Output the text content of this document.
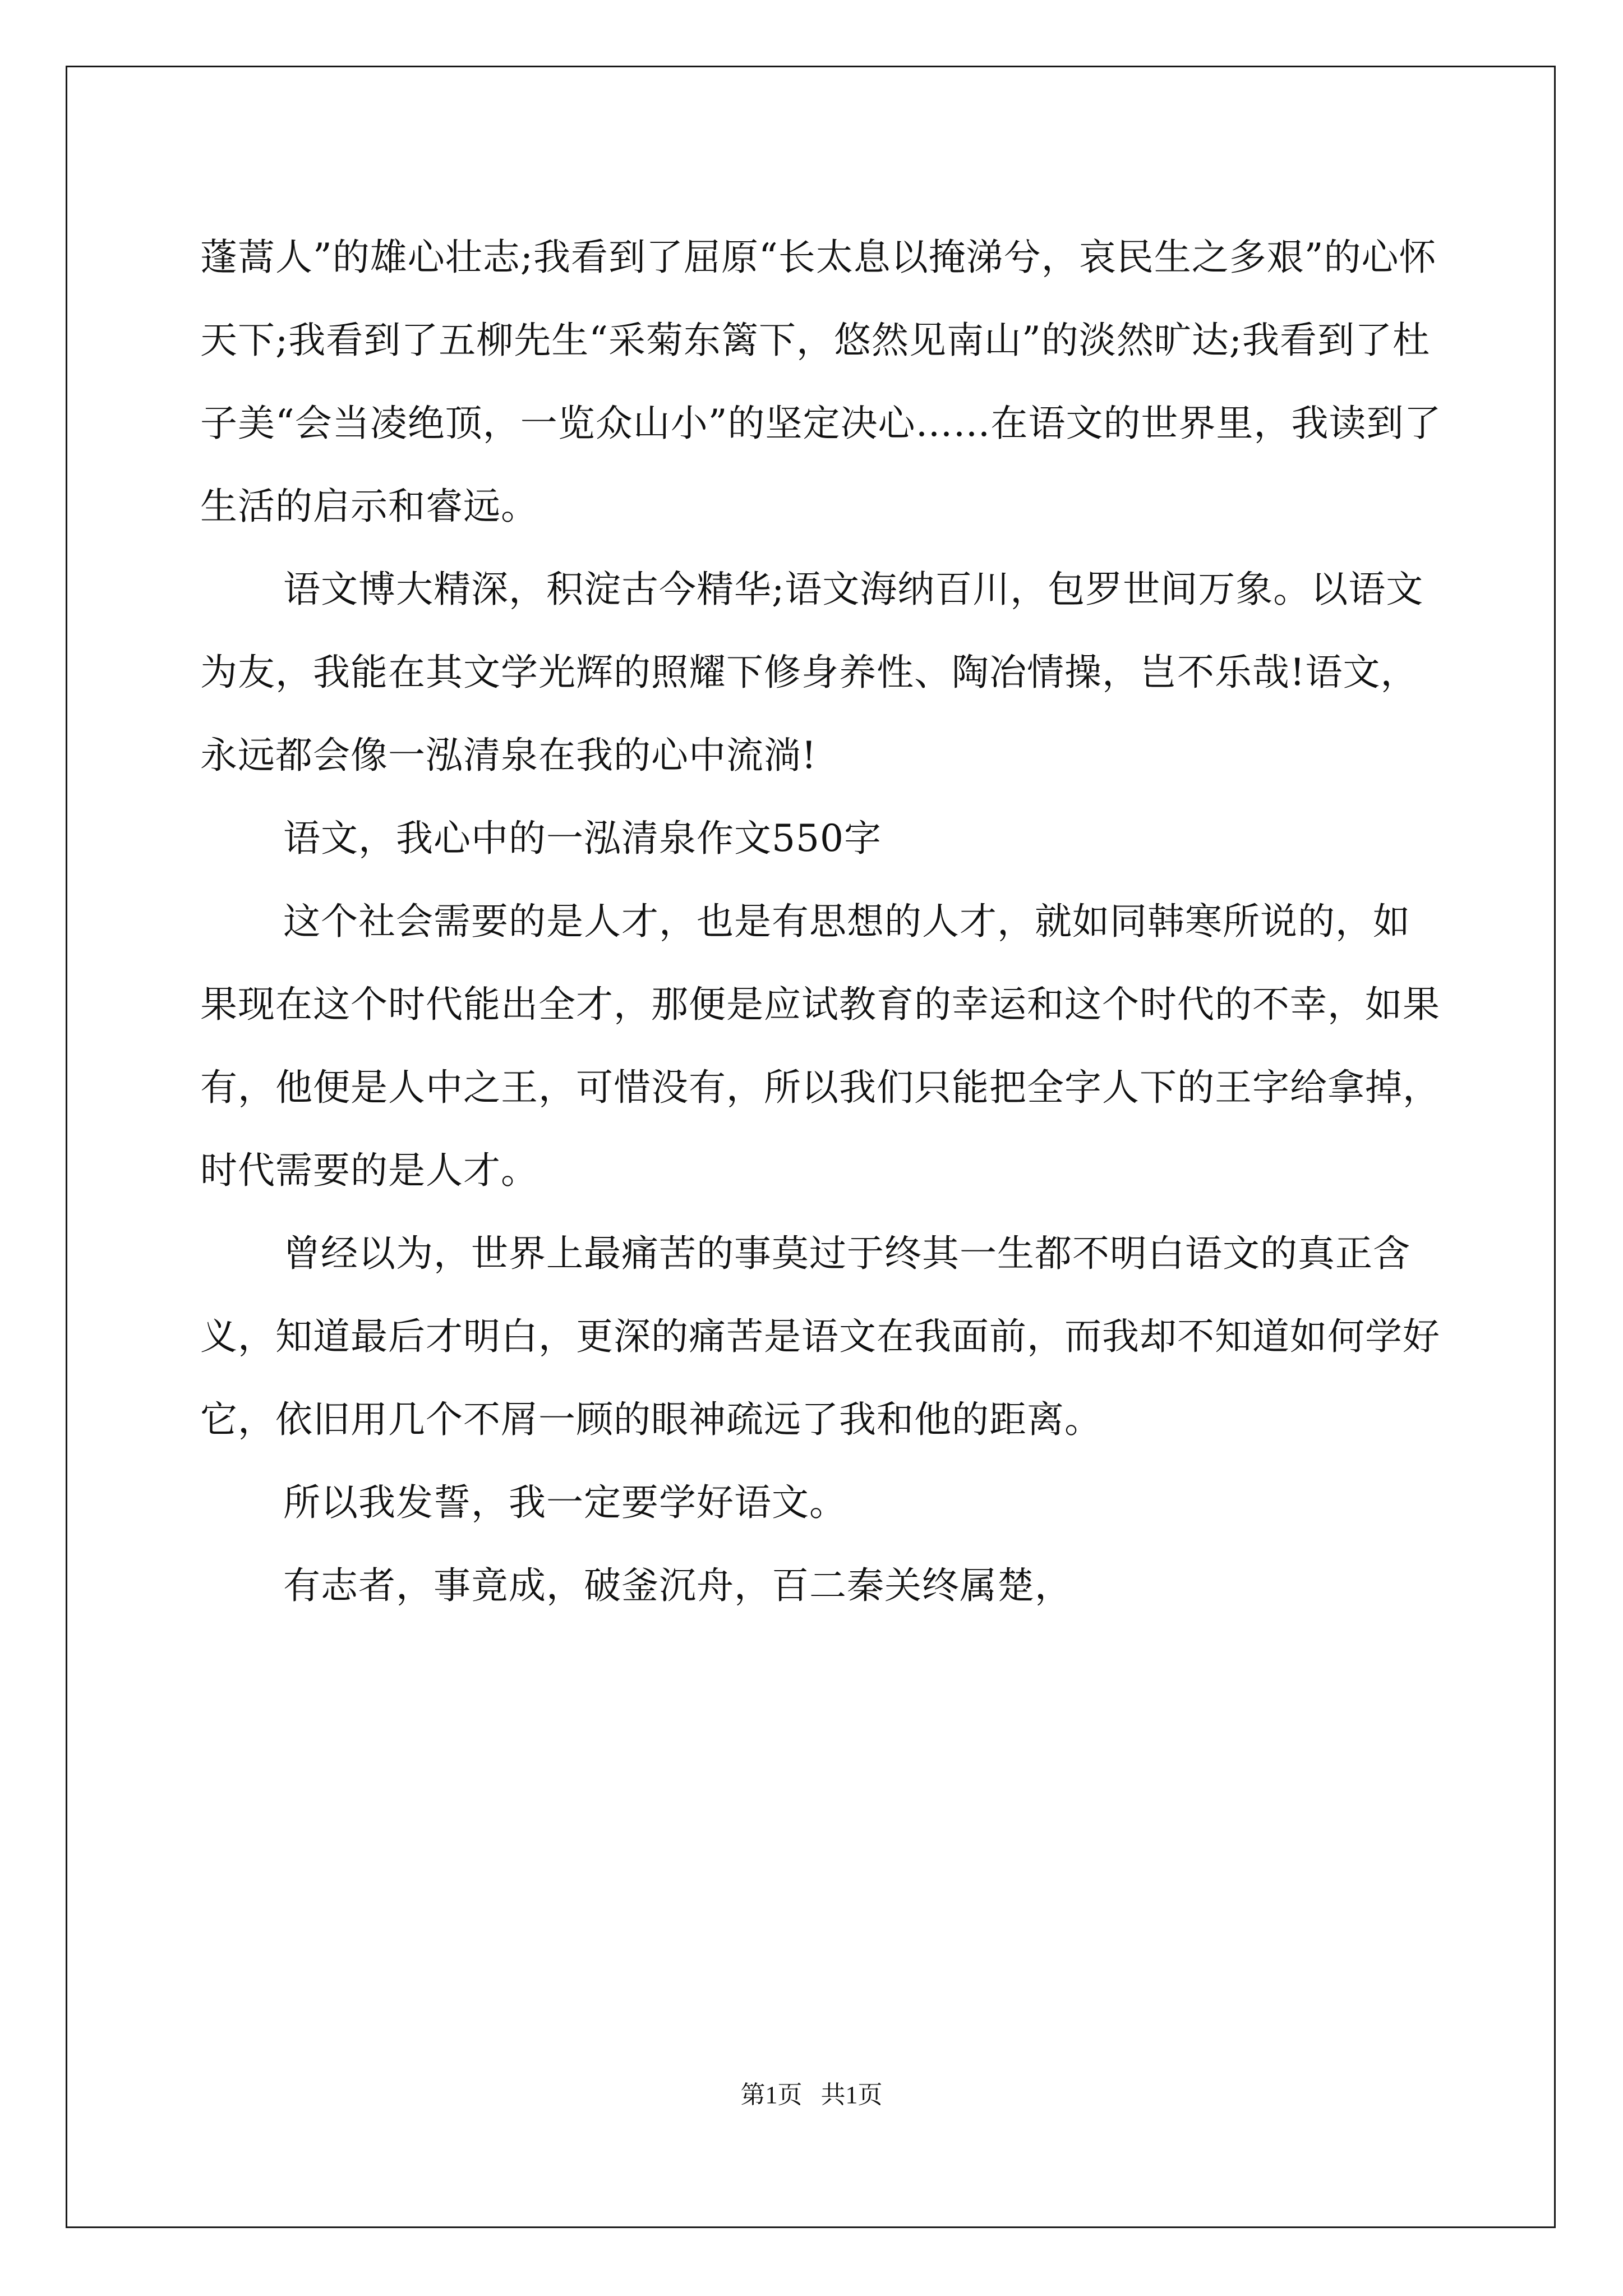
蓬蒿人”的雄心壮志;我看到了屈原“长太息以掩涕兮，哀民生之多艰”的心怀天下;我看到了五柳先生“采菊东篱下，悠然见南山”的淡然旷达;我看到了杜子美“会当凌绝顶，一览众山小”的坚定决心……在语文的世界里，我读到了生活的启示和睿远。

语文博大精深，积淀古今精华;语文海纳百川，包罗世间万象。以语文为友，我能在其文学光辉的照耀下修身养性、陶冶情操，岂不乐哉!语文，永远都会像一泓清泉在我的心中流淌!

语文，我心中的一泓清泉作文550字

这个社会需要的是人才，也是有思想的人才，就如同韩寒所说的，如果现在这个时代能出全才，那便是应试教育的幸运和这个时代的不幸，如果有，他便是人中之王，可惜没有，所以我们只能把全字人下的王字给拿掉，时代需要的是人才。

曾经以为，世界上最痛苦的事莫过于终其一生都不明白语文的真正含义，知道最后才明白，更深的痛苦是语文在我面前，而我却不知道如何学好它，依旧用几个不屑一顾的眼神疏远了我和他的距离。

所以我发誓，我一定要学好语文。

有志者，事竟成，破釜沉舟，百二秦关终属楚，

第1页 共1页
